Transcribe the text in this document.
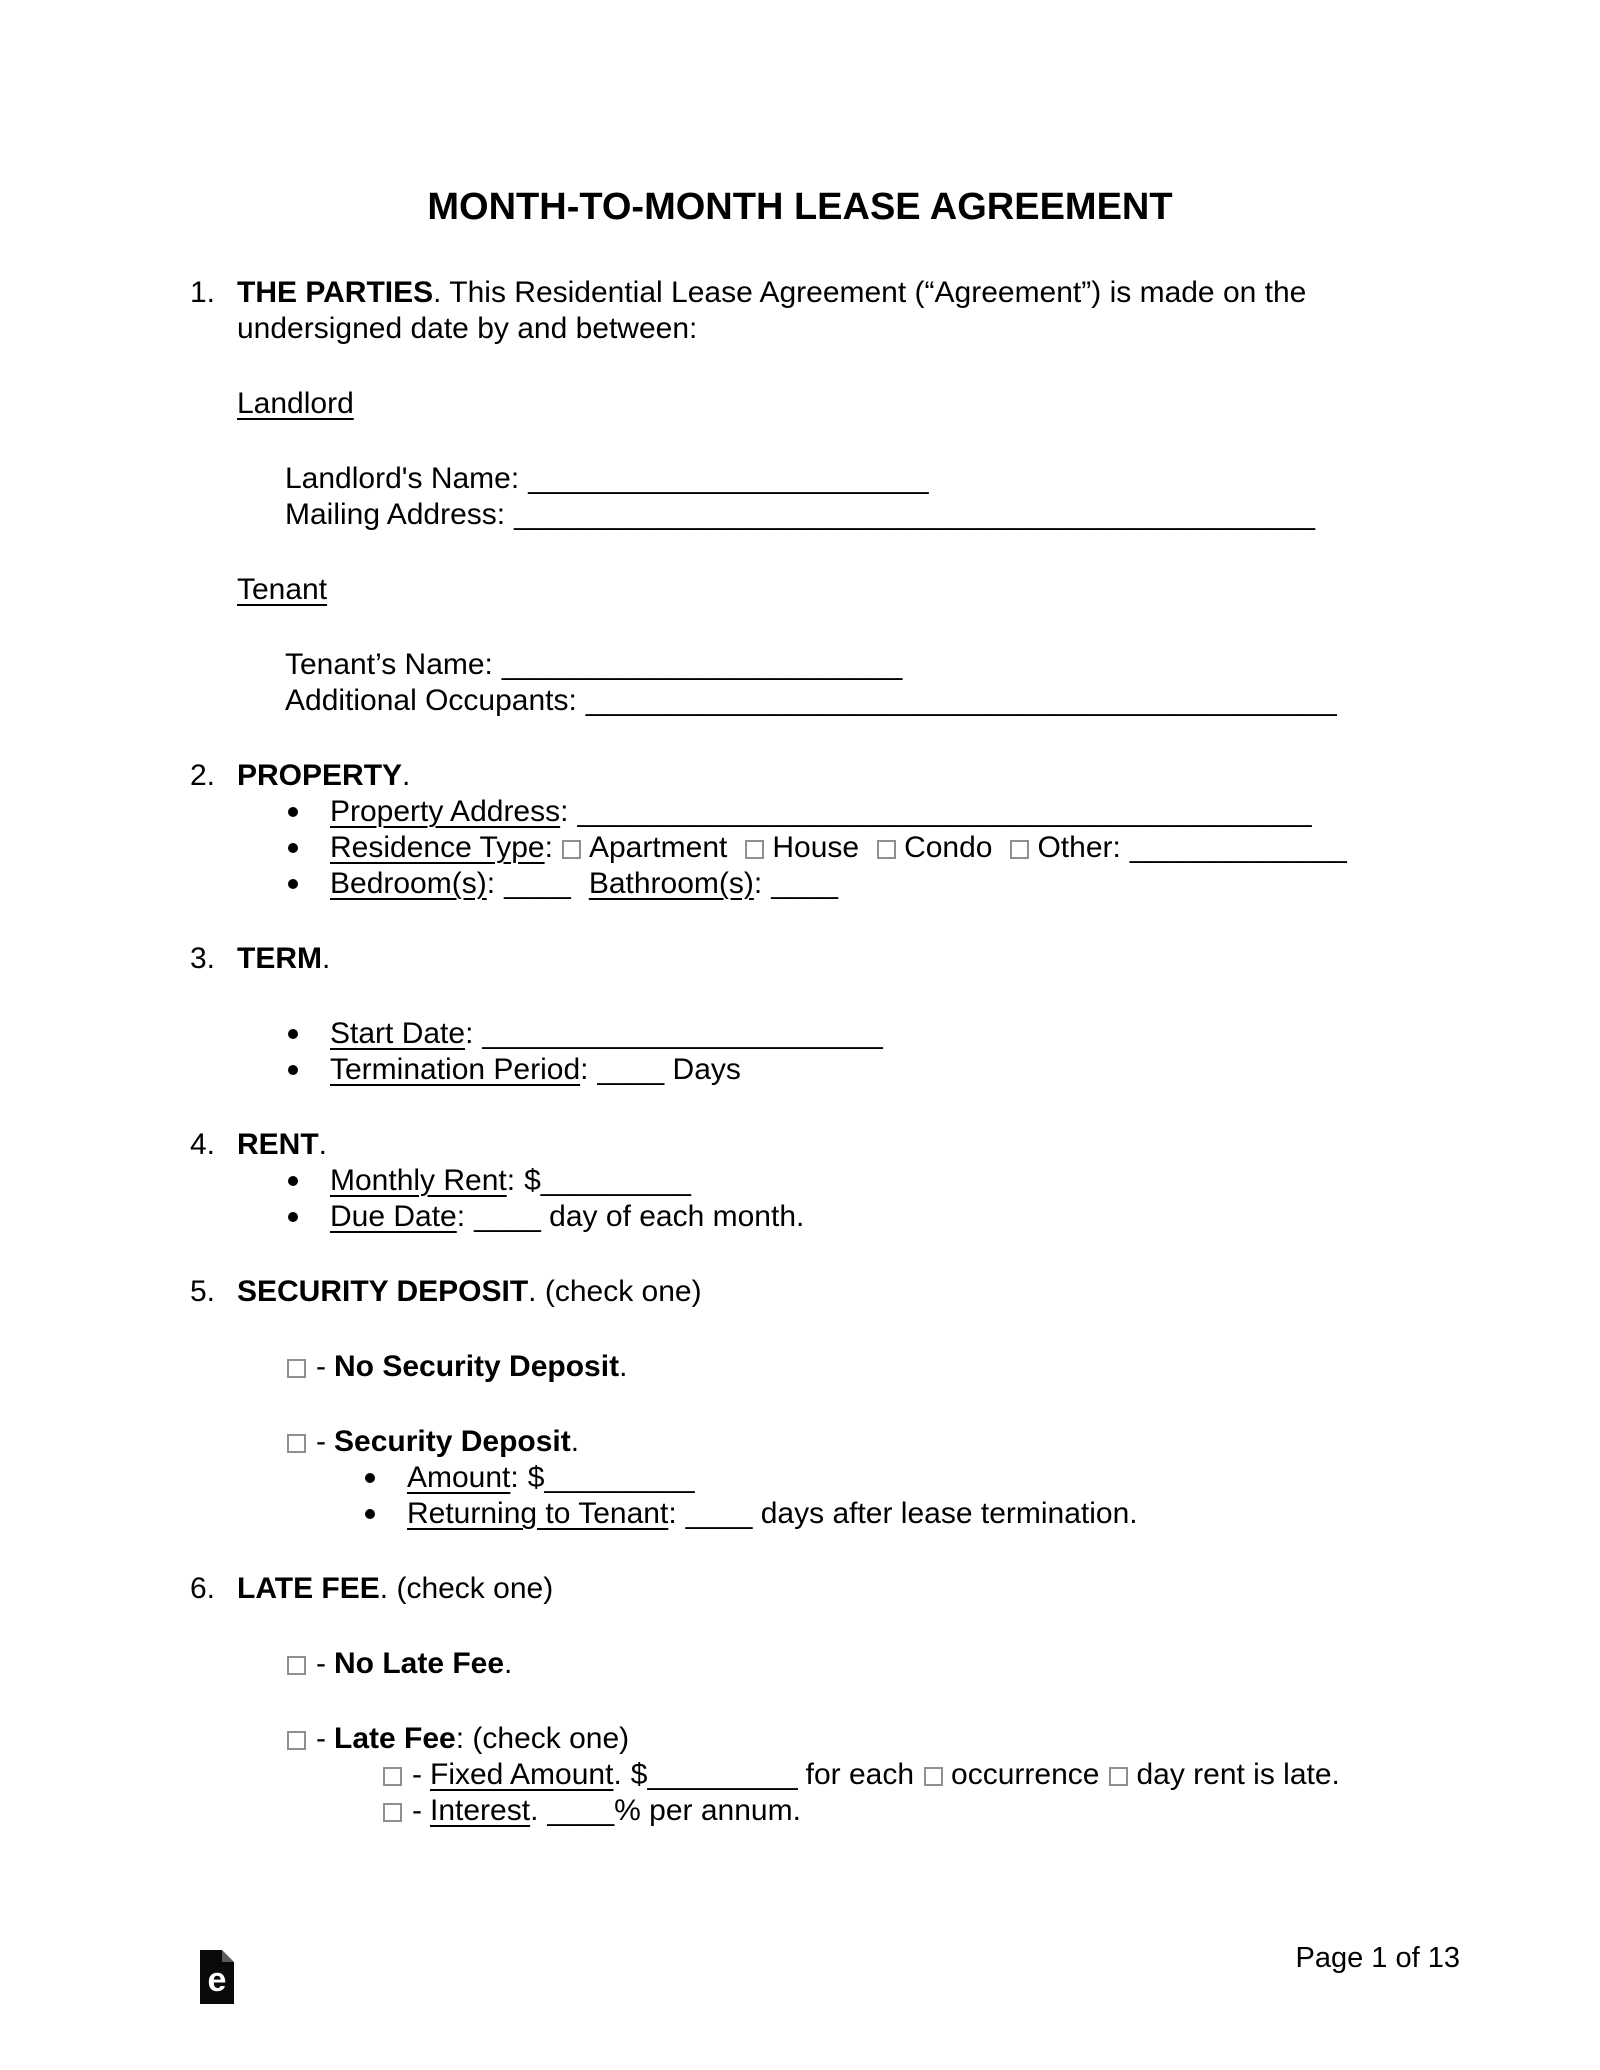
MONTH-TO-MONTH LEASE AGREEMENT
1. THE PARTIES. This Residential Lease Agreement (“Agreement”) is made on the undersigned date by and between:
Landlord
Landlord's Name: ________________________
Mailing Address: ________________________________________________
Tenant
Tenant’s Name: ________________________
Additional Occupants: _____________________________________________
2. PROPERTY.
Property Address: ____________________________________________
Residence Type: Apartment House Condo Other: _____________
Bedroom(s): ____ Bathroom(s): ____
3. TERM.
Start Date: ________________________
Termination Period: ____ Days
4. RENT.
Monthly Rent: $_________
Due Date: ____ day of each month.
5. SECURITY DEPOSIT. (check one)
- No Security Deposit.
- Security Deposit.
Amount: $_________
Returning to Tenant: ____ days after lease termination.
6. LATE FEE. (check one)
- No Late Fee.
- Late Fee: (check one)
- Fixed Amount. $_________ for each occurrence day rent is late.
- Interest. ____% per annum.
e
Page 1 of 13
